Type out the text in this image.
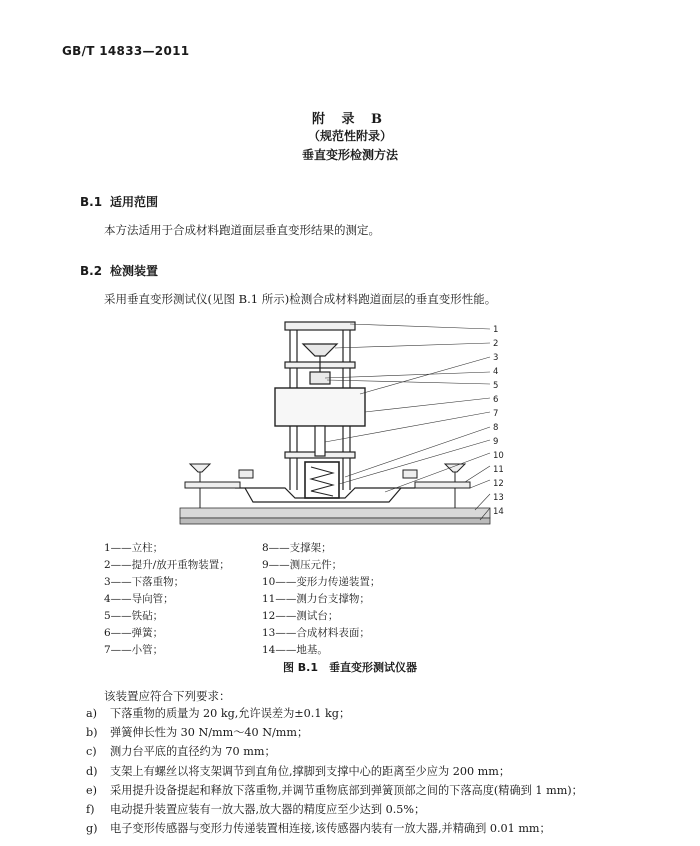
GB/T 14833—2011
附 录 B
（规范性附录）
垂直变形检测方法
B.1 适用范围
本方法适用于合成材料跑道面层垂直变形结果的测定。
B.2 检测装置
采用垂直变形测试仪(见图 B.1 所示)检测合成材料跑道面层的垂直变形性能。
1
2
3
4
5
6
7
8
9
10
11
12
13
14
1——立柱；
2——提升/放开重物装置；
3——下落重物；
4——导向管；
5——铁砧；
6——弹簧；
7——小管；
8——支撑架；
9——测压元件；
10——变形力传递装置；
11——测力台支撑物；
12——测试台；
13——合成材料表面；
14——地基。
图 B.1　垂直变形测试仪器
该装置应符合下列要求：
a)	下落重物的质量为 20 kg,允许误差为±0.1 kg；
b)	弹簧伸长性为 30 N/mm～40 N/mm；
c)	测力台平底的直径约为 70 mm；
d)	支架上有螺丝以将支架调节到直角位,撑脚到支撑中心的距离至少应为 200 mm；
e)	采用提升设备提起和释放下落重物,并调节重物底部到弹簧顶部之间的下落高度(精确到 1 mm)；
f)	电动提升装置应装有一放大器,放大器的精度应至少达到 0.5%；
g)	电子变形传感器与变形力传递装置相连接,该传感器内装有一放大器,并精确到 0.01 mm；
